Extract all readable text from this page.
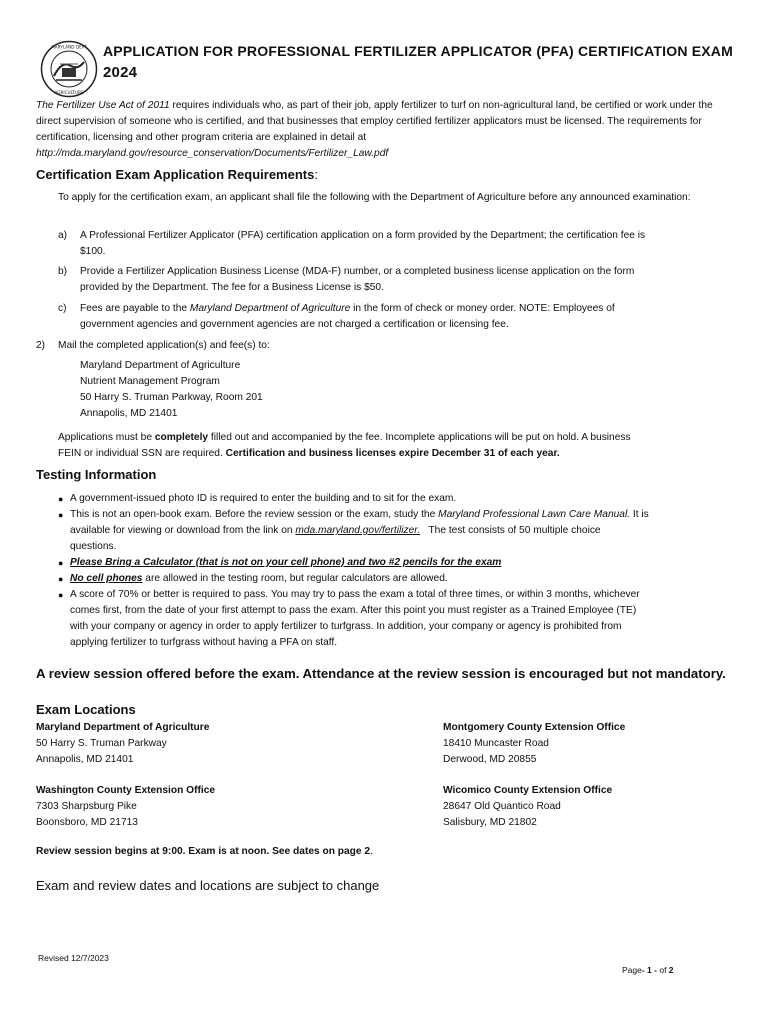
MARYLAND DEPT
AGRICULTURE
APPLICATION FOR PROFESSIONAL FERTILIZER APPLICATOR (PFA) CERTIFICATION EXAM
2024
The Fertilizer Use Act of 2011 requires individuals who, as part of their job, apply fertilizer to turf on non-agricultural land, be certified or work under the direct supervision of someone who is certified, and that businesses that employ certified fertilizer applicators must be licensed. The requirements for certification, licensing and other program criteria are explained in detail at
http://mda.maryland.gov/resource_conservation/Documents/Fertilizer_Law.pdf
Certification Exam Application Requirements:
To apply for the certification exam, an applicant shall file the following with the Department of Agriculture before any announced examination:
a) A Professional Fertilizer Applicator (PFA) certification application on a form provided by the Department; the certification fee is
$100.
b) Provide a Fertilizer Application Business License (MDA-F) number, or a completed business license application on the form
provided by the Department. The fee for a Business License is $50.
c) Fees are payable to the Maryland Department of Agriculture in the form of check or money order. NOTE: Employees of
government agencies and government agencies are not charged a certification or licensing fee.
2) Mail the completed application(s) and fee(s) to:
Maryland Department of Agriculture
Nutrient Management Program
50 Harry S. Truman Parkway, Room 201
Annapolis, MD 21401
Applications must be completely filled out and accompanied by the fee. Incomplete applications will be put on hold. A business
FEIN or individual SSN are required. Certification and business licenses expire December 31 of each year.
Testing Information
● A government-issued photo ID is required to enter the building and to sit for the exam.
● This is not an open-book exam. Before the review session or the exam, study the Maryland Professional Lawn Care Manual. It is
available for viewing or download from the link on mda.maryland.gov/fertilizer.   The test consists of 50 multiple choice
questions.
● Please Bring a Calculator (that is not on your cell phone) and two #2 pencils for the exam
● No cell phones are allowed in the testing room, but regular calculators are allowed.
● A score of 70% or better is required to pass. You may try to pass the exam a total of three times, or within 3 months, whichever
comes first, from the date of your first attempt to pass the exam. After this point you must register as a Trained Employee (TE)
with your company or agency in order to apply fertilizer to turfgrass. In addition, your company or agency is prohibited from
applying fertilizer to turfgrass without having a PFA on staff.
A review session offered before the exam. Attendance at the review session is encouraged but not mandatory.
Exam Locations
Maryland Department of Agriculture
50 Harry S. Truman Parkway
Annapolis, MD 21401
Montgomery County Extension Office
18410 Muncaster Road
Derwood, MD 20855
Washington County Extension Office
7303 Sharpsburg Pike
Boonsboro, MD 21713
Wicomico County Extension Office
28647 Old Quantico Road
Salisbury, MD 21802
Review session begins at 9:00. Exam is at noon. See dates on page 2.
Exam and review dates and locations are subject to change
Revised 12/7/2023
Page- 1 - of 2
